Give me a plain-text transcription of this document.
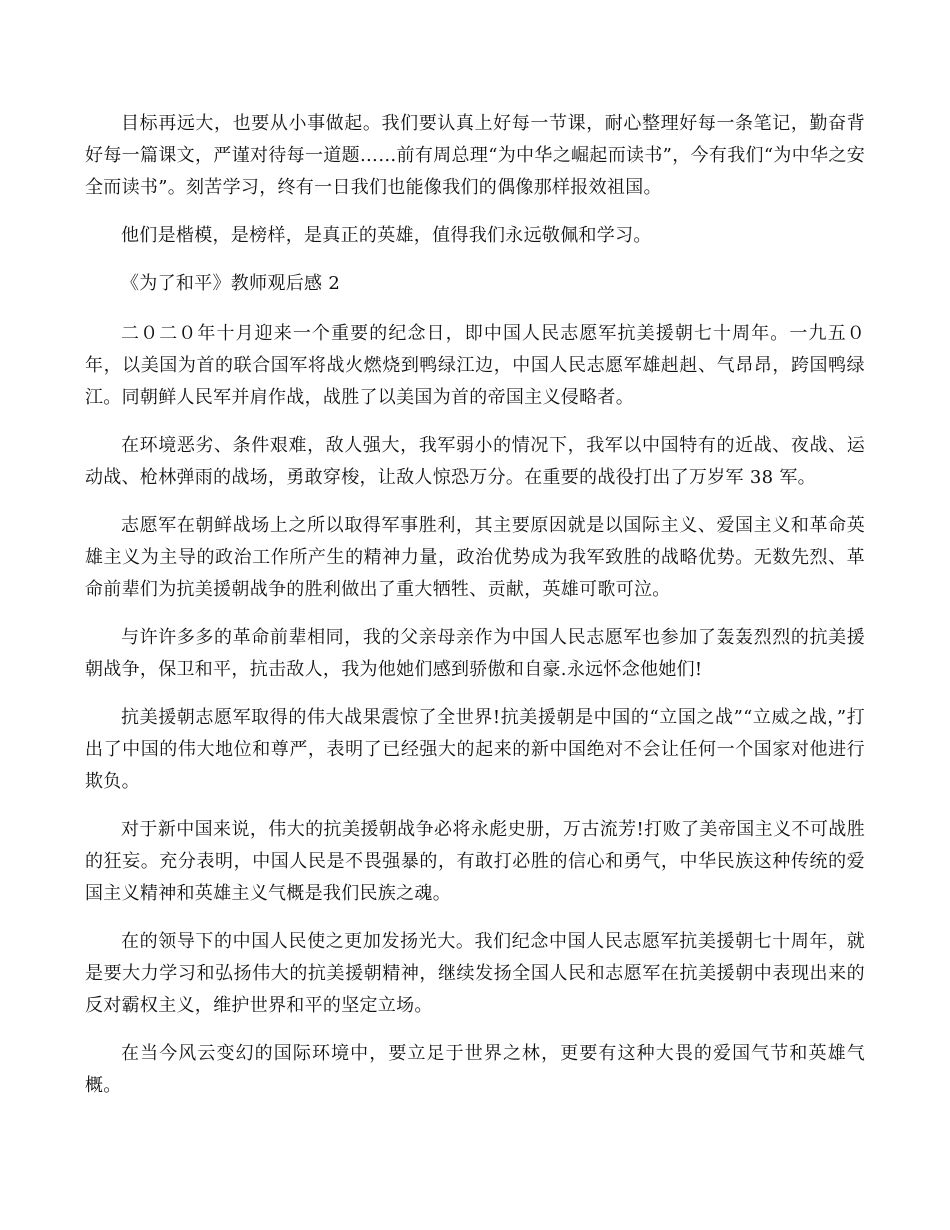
目标再远大，也要从小事做起。我们要认真上好每一节课，耐心整理好每一条笔记，勤奋背好每一篇课文，严谨对待每一道题……前有周总理“为中华之崛起而读书”，今有我们“为中华之安全而读书”。刻苦学习，终有一日我们也能像我们的偶像那样报效祖国。

他们是楷模，是榜样，是真正的英雄，值得我们永远敬佩和学习。

《为了和平》教师观后感 2

二０二０年十月迎来一个重要的纪念日，即中国人民志愿军抗美援朝七十周年。一九五０年，以美国为首的联合国军将战火燃烧到鸭绿江边，中国人民志愿军雄赳赳、气昂昂，跨国鸭绿江。同朝鲜人民军并肩作战，战胜了以美国为首的帝国主义侵略者。

在环境恶劣、条件艰难，敌人强大，我军弱小的情况下，我军以中国特有的近战、夜战、运动战、枪林弹雨的战场，勇敢穿梭，让敌人惊恐万分。在重要的战役打出了万岁军 38 军。

志愿军在朝鲜战场上之所以取得军事胜利，其主要原因就是以国际主义、爱国主义和革命英雄主义为主导的政治工作所产生的精神力量，政治优势成为我军致胜的战略优势。无数先烈、革命前辈们为抗美援朝战争的胜利做出了重大牺牲、贡献，英雄可歌可泣。

与许许多多的革命前辈相同，我的父亲母亲作为中国人民志愿军也参加了轰轰烈烈的抗美援朝战争，保卫和平，抗击敌人，我为他她们感到骄傲和自豪.永远怀念他她们!

抗美援朝志愿军取得的伟大战果震惊了全世界!抗美援朝是中国的“立国之战”“立威之战，”打出了中国的伟大地位和尊严，表明了已经强大的起来的新中国绝对不会让任何一个国家对他进行欺负。

对于新中国来说，伟大的抗美援朝战争必将永彪史册，万古流芳!打败了美帝国主义不可战胜的狂妄。充分表明，中国人民是不畏强暴的，有敢打必胜的信心和勇气，中华民族这种传统的爱国主义精神和英雄主义气概是我们民族之魂。

在的领导下的中国人民使之更加发扬光大。我们纪念中国人民志愿军抗美援朝七十周年，就是要大力学习和弘扬伟大的抗美援朝精神，继续发扬全国人民和志愿军在抗美援朝中表现出来的反对霸权主义，维护世界和平的坚定立场。

在当今风云变幻的国际环境中，要立足于世界之林，更要有这种大畏的爱国气节和英雄气概。
